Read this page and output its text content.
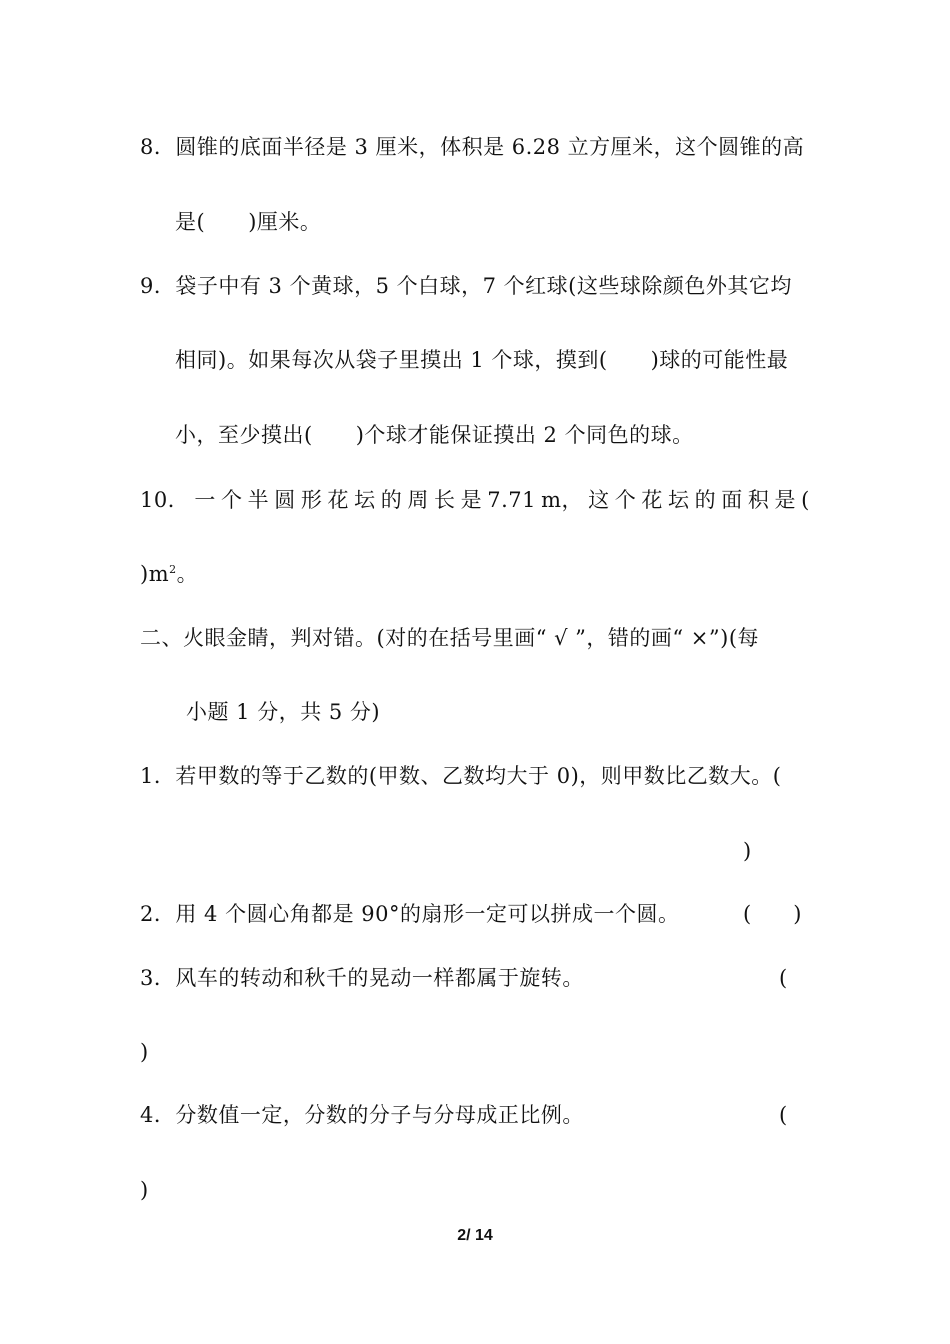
8．圆锥的底面半径是 3 厘米，体积是 6.28 立方厘米，这个圆锥的高
是(　　)厘米。
9．袋子中有 3 个黄球，5 个白球，7 个红球(这些球除颜色外其它均
相同)。如果每次从袋子里摸出 1 个球，摸到(　　)球的可能性最
小，至少摸出(　　)个球才能保证摸出 2 个同色的球。
10． 一 个 半 圆 形 花 坛 的 周 长 是 7.71 m， 这 个 花 坛 的 面 积 是 (
)$m^2$。
二、火眼金睛，判对错。(对的在括号里画“ √ ”，错的画“ ×”)(每
小题 1 分，共 5 分)
1．若甲数的等于乙数的(甲数、乙数均大于 0)，则甲数比乙数大。(
)
2．用 4 个圆心角都是 90°的扇形一定可以拼成一个圆。	(　　)
3．风车的转动和秋千的晃动一样都属于旋转。	(
)
4．分数值一定，分数的分子与分母成正比例。	(
)
2/ 14
